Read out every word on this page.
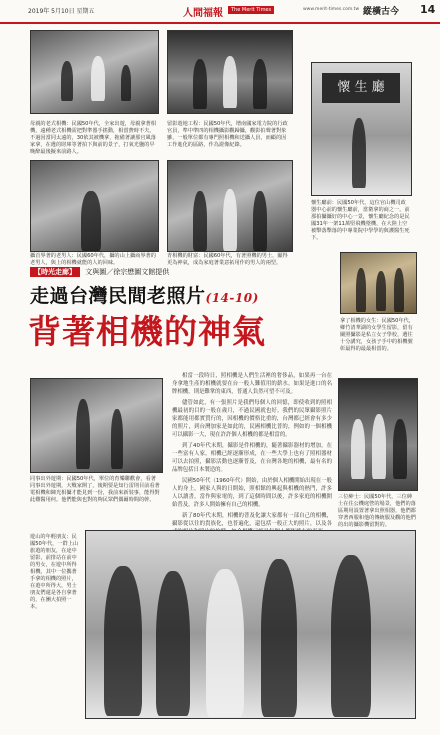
2019年 5月10日 星期五	人間福報	The Merit Times	www.merit-times.com.tw 縱橫古今 14
母親的老式相機：民國50年代，全家出遊，母親拿著相機，遠種老式相機需把對準器手搖動，相當費時不夫。不過因當同太遠的，30依其被機拿，拖備著讓那官風落家拿，在遺的財庫等著拍下與前的景子，打氧光鹽的早晚醉最後擬來前路人。
留影遊地工程：民國50年代，增南國家電力院的行政官員，準中準四的相機攝影觀歸攝，觀影拍聲著對象雖，一般單位都有專門照相機和送攝人員，而顧的因工作進化的區路，作為證像紀錄。
懷 生 廳
懷生廳前：民國50年代，這位官山機司政器中心前的懷生廳前，當衛拿的商之一。前那拍攝攝好的中心一景，懷生廳紀念的是民國31年一架11萬堅飛機墜機，在大陸上空被擊落擊落的中專業院中學學的與護醫生死下。
攝首界著的老男人：民國60年代，攝的山上攝商界著的老男人，與上的相機就能的人的回味。
青相機的財富：民國60年代，有著照機的男士，顯得更為神氣，成為家庭著業意拓用作的男人的兩型。
【時光走廊】 文與圖／徐宗懋圖文館提供
走過台灣民間老照片(14-10)
背著相機的神氣	拿了相機的女生：民國50年代，鄉竹清華湖的女學生留影，留有關照攝影是私立女子學校，遺往十分講究，女孩子手中的相機號彰最得的最最相當的。
同事出外遊期：民國50年代，單位的育樂聯歡會，看著同事出外遊期，大戰家開了，後期要是知行雷則目前看著電相機和陳光相攝才能見到一份，我前來新裝事，能得對此難醫用何。他們能與也對的夠民眾們偶爾時間的幹。

相當一段時日，照相機是人們生活裡的奢侈品，如果再一台在身拿地生產的相機就要在台一般人難值用的薪水。如果是進口的名牌相機，則是難掌的東西，普通人負然可望不可及。

儘管如此，有一張照片是我們每個人的回憶，即使收到的照相機最初的目的一般在歲月，不過民國就也好。我們的民眾攝影照片家都能用都實質行的，因相機的價格比重的，台灣都已經會有多少的照片，到台灣加家是如此的，民國相機比普的，例如的一個相機可以攝影一大，現在許許個人相機的都是相當的。

到了40年代末期，攝影是件相機的，隨著攝影器材的增加，在一些富有人家，相機已經逐漸形成，在一些大學上也有了照相器材可以去拍照，攝影活動也逐漸普及，在台灣各地的相機，最有名的品牌包括日本製造的。

民國50年代（1960年代）開始，由於個人相機開始出現在一般人的身上，國家人與的日開始，照相館的興起與相機的熱門，許多人以讀書，當作與家電的，到了這個時間以後，許多家庭的相機開始普及，許多人開始擁有自己的相機。

新了80年代末期，相機的普及化讓大家都有一部自己的相機，攝影從以往的貴族化，也普遍化，還包括一般正大的照片，以及各

三位紳士：民國50年代，三位紳士在住公機庭營的場景，他們的落區期用設置著拿出照相器，他們都穿著西服和他的傳統服及觀的他們的出的攝影機留對的。
遊山的年輕朋友：民國50年代，一群上山旅遊的朋友，在途中留影，前排站在前中的男女，在遊中所得相機，其中一位攜著手拿的相機的照片，在遊中所得大，男士朋友們還是各自拿著的，在團大拍照一本。
